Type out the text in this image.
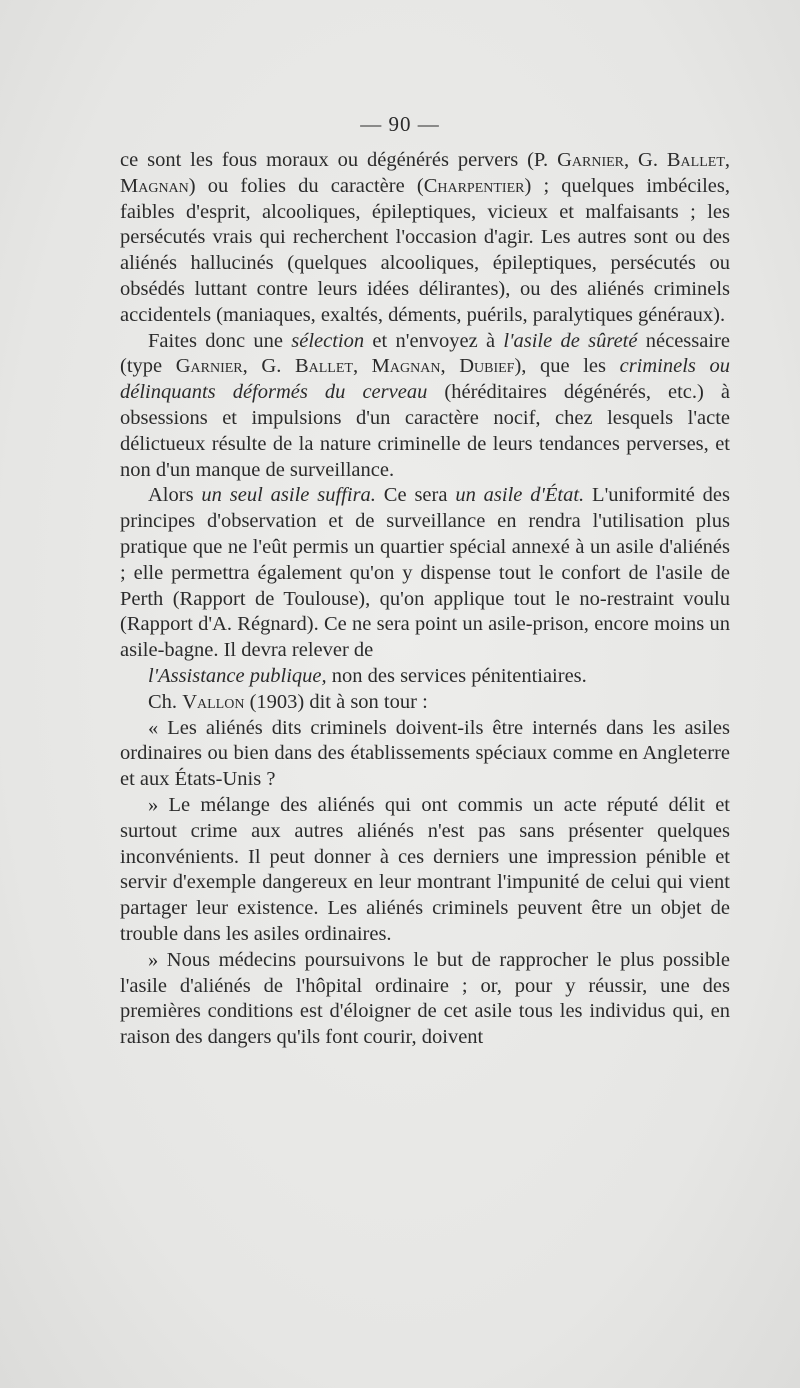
— 90 —

ce sont les fous moraux ou dégénérés pervers (P. Garnier, G. Ballet, Magnan) ou folies du caractère (Charpentier) ; quelques imbéciles, faibles d'esprit, alcooliques, épileptiques, vicieux et malfaisants ; les persécutés vrais qui recherchent l'occasion d'agir. Les autres sont ou des aliénés hallucinés (quelques alcooliques, épileptiques, persécutés ou obsédés luttant contre leurs idées délirantes), ou des aliénés criminels accidentels (maniaques, exaltés, déments, puérils, paralytiques généraux).

Faites donc une sélection et n'envoyez à l'asile de sûreté nécessaire (type Garnier, G. Ballet, Magnan, Dubief), que les criminels ou délinquants déformés du cerveau (héréditaires dégénérés, etc.) à obsessions et impulsions d'un caractère nocif, chez lesquels l'acte délictueux résulte de la nature criminelle de leurs tendances perverses, et non d'un manque de surveillance.

Alors un seul asile suffira. Ce sera un asile d'État. L'uniformité des principes d'observation et de surveillance en rendra l'utilisation plus pratique que ne l'eût permis un quartier spécial annexé à un asile d'aliénés ; elle permettra également qu'on y dispense tout le confort de l'asile de Perth (Rapport de Toulouse), qu'on applique tout le no-restraint voulu (Rapport d'A. Régnard). Ce ne sera point un asile-prison, encore moins un asile-bagne. Il devra relever de

l'Assistance publique, non des services pénitentiaires.

Ch. Vallon (1903) dit à son tour :

« Les aliénés dits criminels doivent-ils être internés dans les asiles ordinaires ou bien dans des établissements spéciaux comme en Angleterre et aux États-Unis ?

» Le mélange des aliénés qui ont commis un acte réputé délit et surtout crime aux autres aliénés n'est pas sans présenter quelques inconvénients. Il peut donner à ces derniers une impression pénible et servir d'exemple dangereux en leur montrant l'impunité de celui qui vient partager leur existence. Les aliénés criminels peuvent être un objet de trouble dans les asiles ordinaires.

» Nous médecins poursuivons le but de rapprocher le plus possible l'asile d'aliénés de l'hôpital ordinaire ; or, pour y réussir, une des premières conditions est d'éloigner de cet asile tous les individus qui, en raison des dangers qu'ils font courir, doivent
